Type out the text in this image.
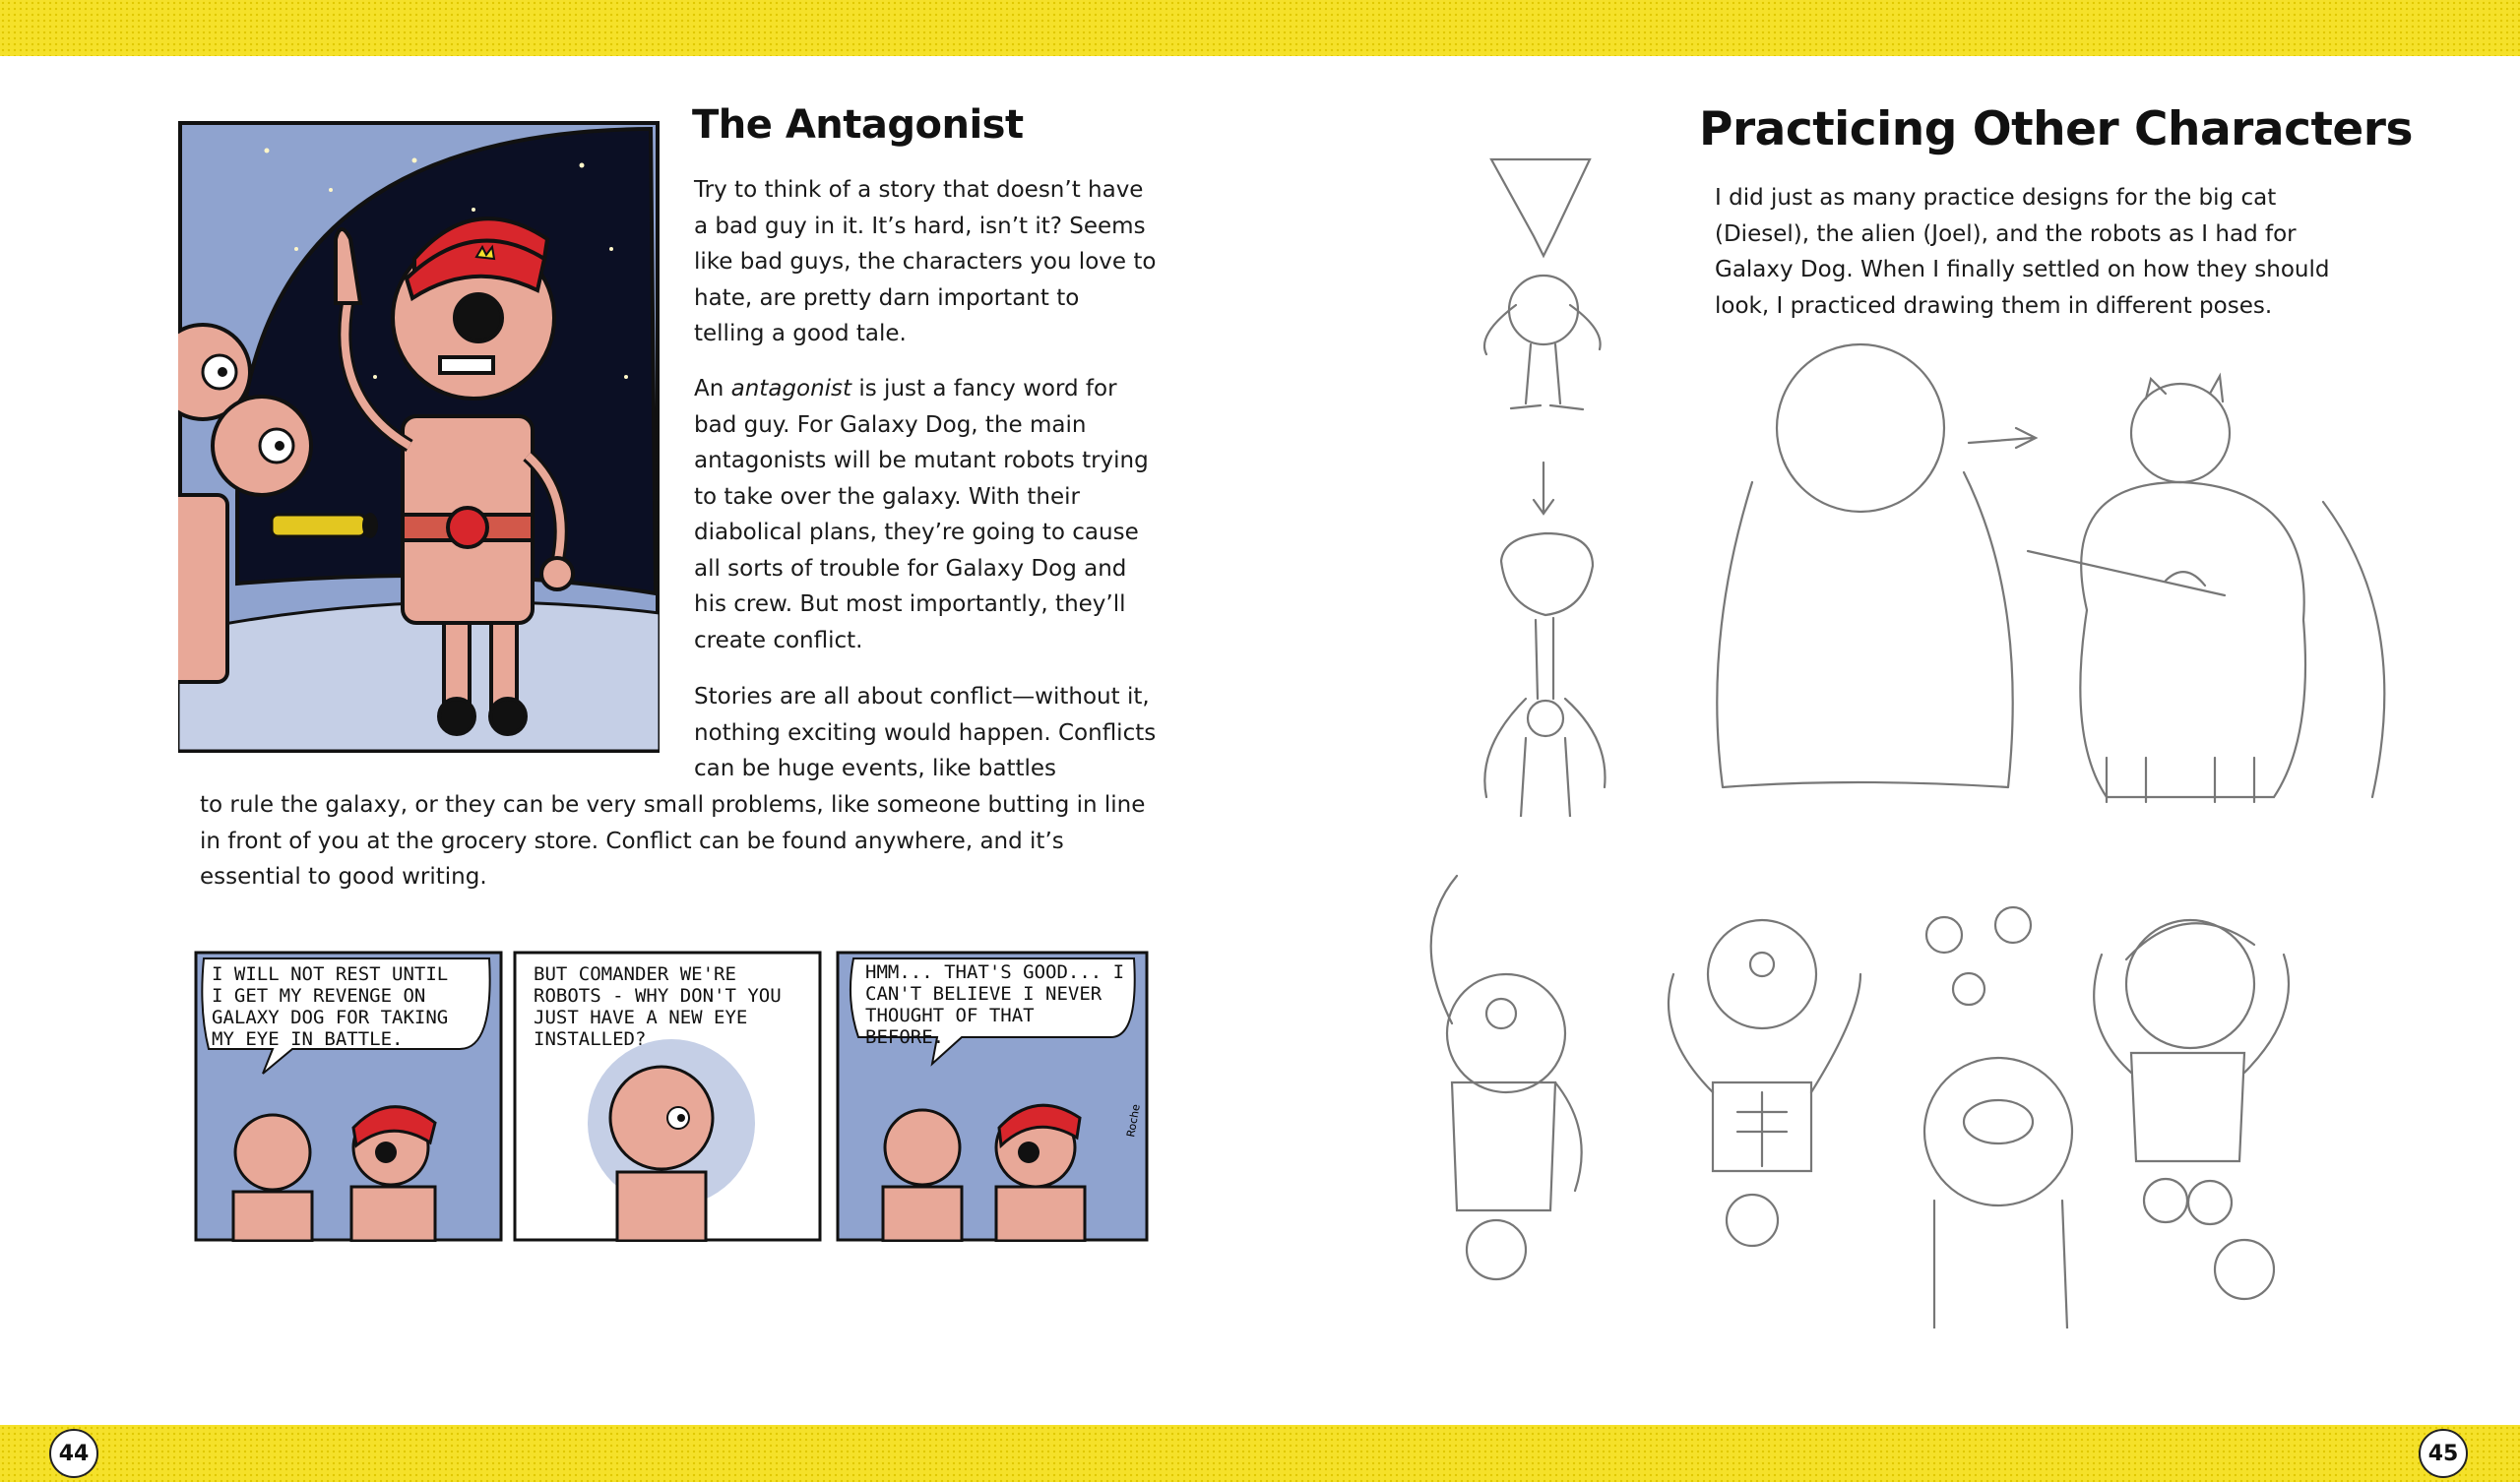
44	45
The Antagonist

Try to think of a story that doesn’t have a bad guy in it. It’s hard, isn’t it? Seems like bad guys, the characters you love to hate, are pretty darn important to telling a good tale.

An antagonist is just a fancy word for bad guy. For Galaxy Dog, the main antagonists will be mutant robots trying to take over the galaxy. With their diabolical plans, they’re going to cause all sorts of trouble for Galaxy Dog and his crew. But most importantly, they’ll create conflict.

Stories are all about conflict—without it, nothing exciting would happen. Conflicts can be huge events, like battles

to rule the galaxy, or they can be very small problems, like someone butting in line in front of you at the grocery store. Conflict can be found anywhere, and it’s essential to good writing.

I WILL NOT REST UNTIL
I GET MY REVENGE ON
GALAXY DOG FOR TAKING
MY EYE IN BATTLE.
BUT COMANDER WE'RE
ROBOTS - WHY DON'T YOU
JUST HAVE A NEW EYE
INSTALLED?
HMM... THAT'S GOOD... I
CAN'T BELIEVE I NEVER
THOUGHT OF THAT
BEFORE.
Roche
Practicing Other Characters

I did just as many practice designs for the big cat (Diesel), the alien (Joel), and the robots as I had for Galaxy Dog. When I finally settled on how they should look, I practiced drawing them in different poses.
